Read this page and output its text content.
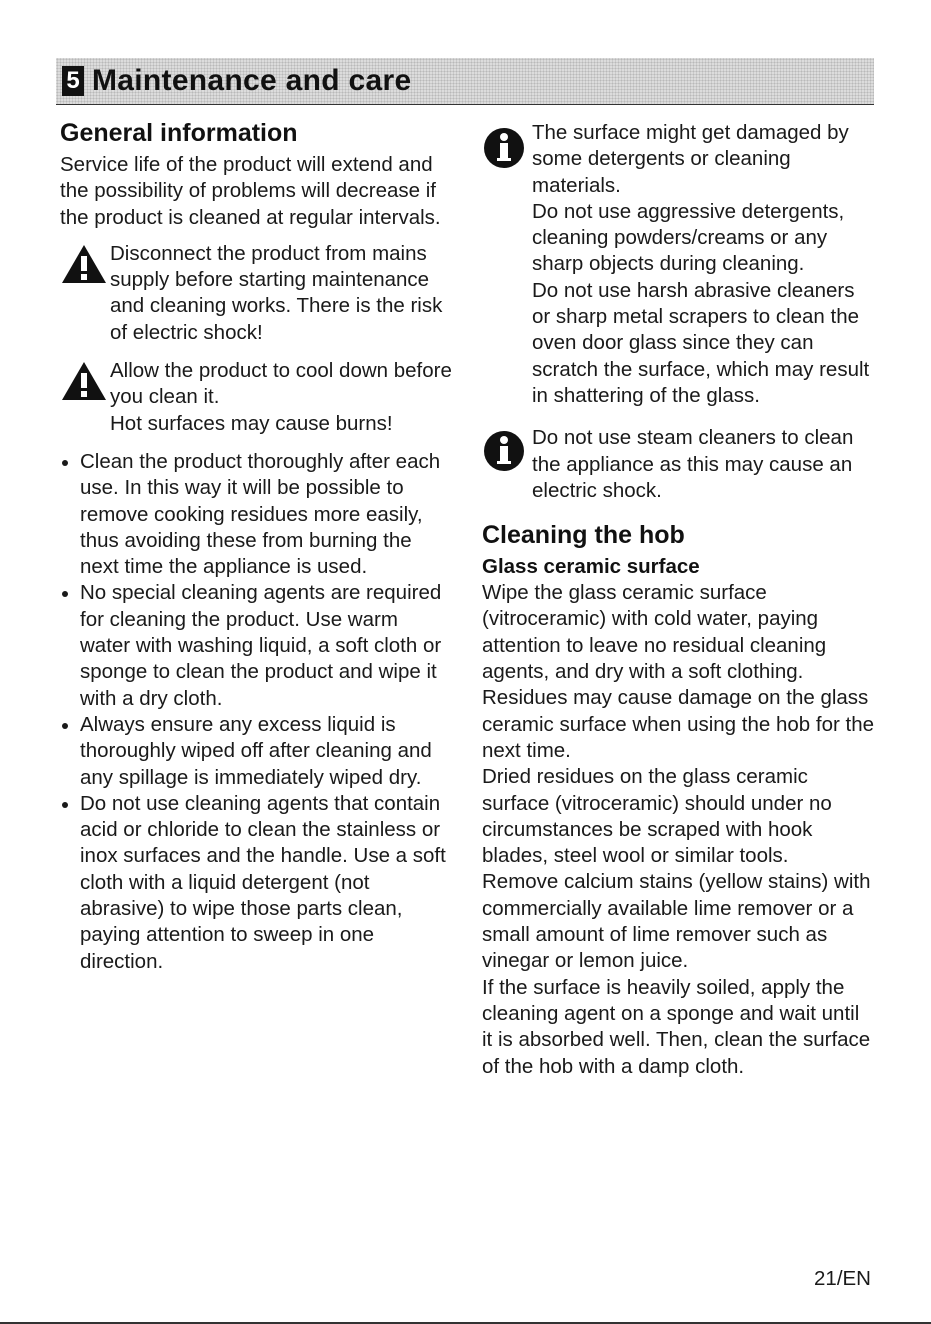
5 Maintenance and care
General information

Service life of the product will extend and the possibility of problems will decrease if the product is cleaned at regular intervals.

Disconnect the product from mains supply before starting maintenance and cleaning works. There is the risk of electric shock!

Allow the product to cool down before you clean it.

Hot surfaces may cause burns!

Clean the product thoroughly after each use. In this way it will be possible to remove cooking residues more easily, thus avoiding these from burning the next time the appliance is used.
No special cleaning agents are required for cleaning the product. Use warm water with washing liquid, a soft cloth or sponge to clean the product and wipe it with a dry cloth.
Always ensure any excess liquid is thoroughly wiped off after cleaning and any spillage is immediately wiped dry.
Do not use cleaning agents that contain acid or chloride to clean the stainless or inox surfaces and the handle. Use a soft cloth with a liquid detergent (not abrasive) to wipe those parts clean, paying attention to sweep in one direction.

The surface might get damaged by some detergents or cleaning materials.

Do not use aggressive detergents, cleaning powders/creams or any sharp objects during cleaning.

Do not use harsh abrasive cleaners or sharp metal scrapers to clean the oven door glass since they can scratch the surface, which may result in shattering of the glass.

Do not use steam cleaners to clean the appliance as this may cause an electric shock.

Cleaning the hob
Glass ceramic surface

Wipe the glass ceramic surface (vitroceramic) with cold water, paying attention to leave no residual cleaning agents, and dry with a soft clothing. Residues may cause damage on the glass ceramic surface when using the hob for the next time.

Dried residues on the glass ceramic surface (vitroceramic) should under no circumstances be scraped with hook blades, steel wool or similar tools.

Remove calcium stains (yellow stains) with commercially available lime remover or a small amount of lime remover such as vinegar or lemon juice.

If the surface is heavily soiled, apply the cleaning agent on a sponge and wait until it is absorbed well. Then, clean the surface of the hob with a damp cloth.

21/EN
